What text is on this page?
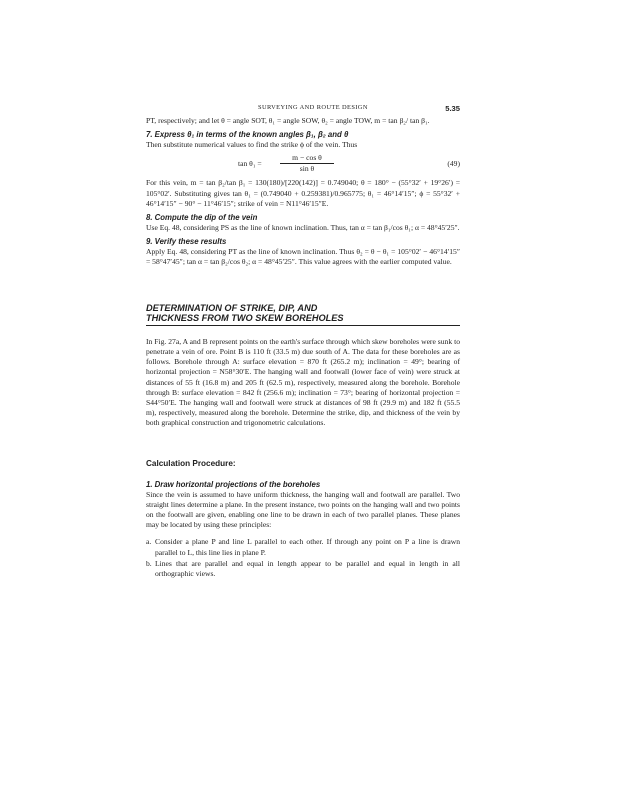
SURVEYING AND ROUTE DESIGN	5.35

PT, respectively; and let θ = angle SOT, θ₁ = angle SOW, θ₂ = angle TOW, m = tan β₂/ tan β₁.

7. Express θ₁ in terms of the known angles β₁, β₂ and θ

Then substitute numerical values to find the strike ϕ of the vein. Thus

$\tan \theta_1 = \frac{\text{m − cos θ}}{\text{sin θ}}$	(49)

For this vein, m = tan β₂/tan β₁ = 130(180)/[220(142)] = 0.749040; θ = 180° − (55°32′ + 19°26′) = 105°02′. Substituting gives tan θ₁ = (0.749040 + 0.259381)/0.965775; θ₁ = 46°14′15″; ϕ = 55°32′ + 46°14′15″ − 90° − 11°46′15″; strike of vein = N11°46′15″E.

8. Compute the dip of the vein

Use Eq. 48, considering PS as the line of known inclination. Thus, tan α = tan β₁/cos θ₁; α = 48°45′25″.

9. Verify these results

Apply Eq. 48, considering PT as the line of known inclination. Thus θ₂ = θ − θ₁ = 105°02′ − 46°14′15″ = 58°47′45″; tan α = tan β₂/cos θ₂; α = 48°45′25″. This value agrees with the earlier computed value.

DETERMINATION OF STRIKE, DIP, AND
THICKNESS FROM TWO SKEW BOREHOLES

In Fig. 27a, A and B represent points on the earth's surface through which skew boreholes were sunk to penetrate a vein of ore. Point B is 110 ft (33.5 m) due south of A. The data for these boreholes are as follows. Borehole through A: surface elevation = 870 ft (265.2 m); inclination = 49°; bearing of horizontal projection = N58°30′E. The hanging wall and footwall (lower face of vein) were struck at distances of 55 ft (16.8 m) and 205 ft (62.5 m), respectively, measured along the borehole. Borehole through B: surface elevation = 842 ft (256.6 m); inclination = 73°; bearing of horizontal projection = S44°50′E. The hanging wall and footwall were struck at distances of 98 ft (29.9 m) and 182 ft (55.5 m), respectively, measured along the borehole. Determine the strike, dip, and thickness of the vein by both graphical construction and trigonometric calculations.

Calculation Procedure:
1. Draw horizontal projections of the boreholes

Since the vein is assumed to have uniform thickness, the hanging wall and footwall are parallel. Two straight lines determine a plane. In the present instance, two points on the hanging wall and two points on the footwall are given, enabling one line to be drawn in each of two parallel planes. These planes may be located by using these principles:

a. Consider a plane P and line L parallel to each other. If through any point on P a line is drawn parallel to L, this line lies in plane P.
b. Lines that are parallel and equal in length appear to be parallel and equal in length in all orthographic views.
